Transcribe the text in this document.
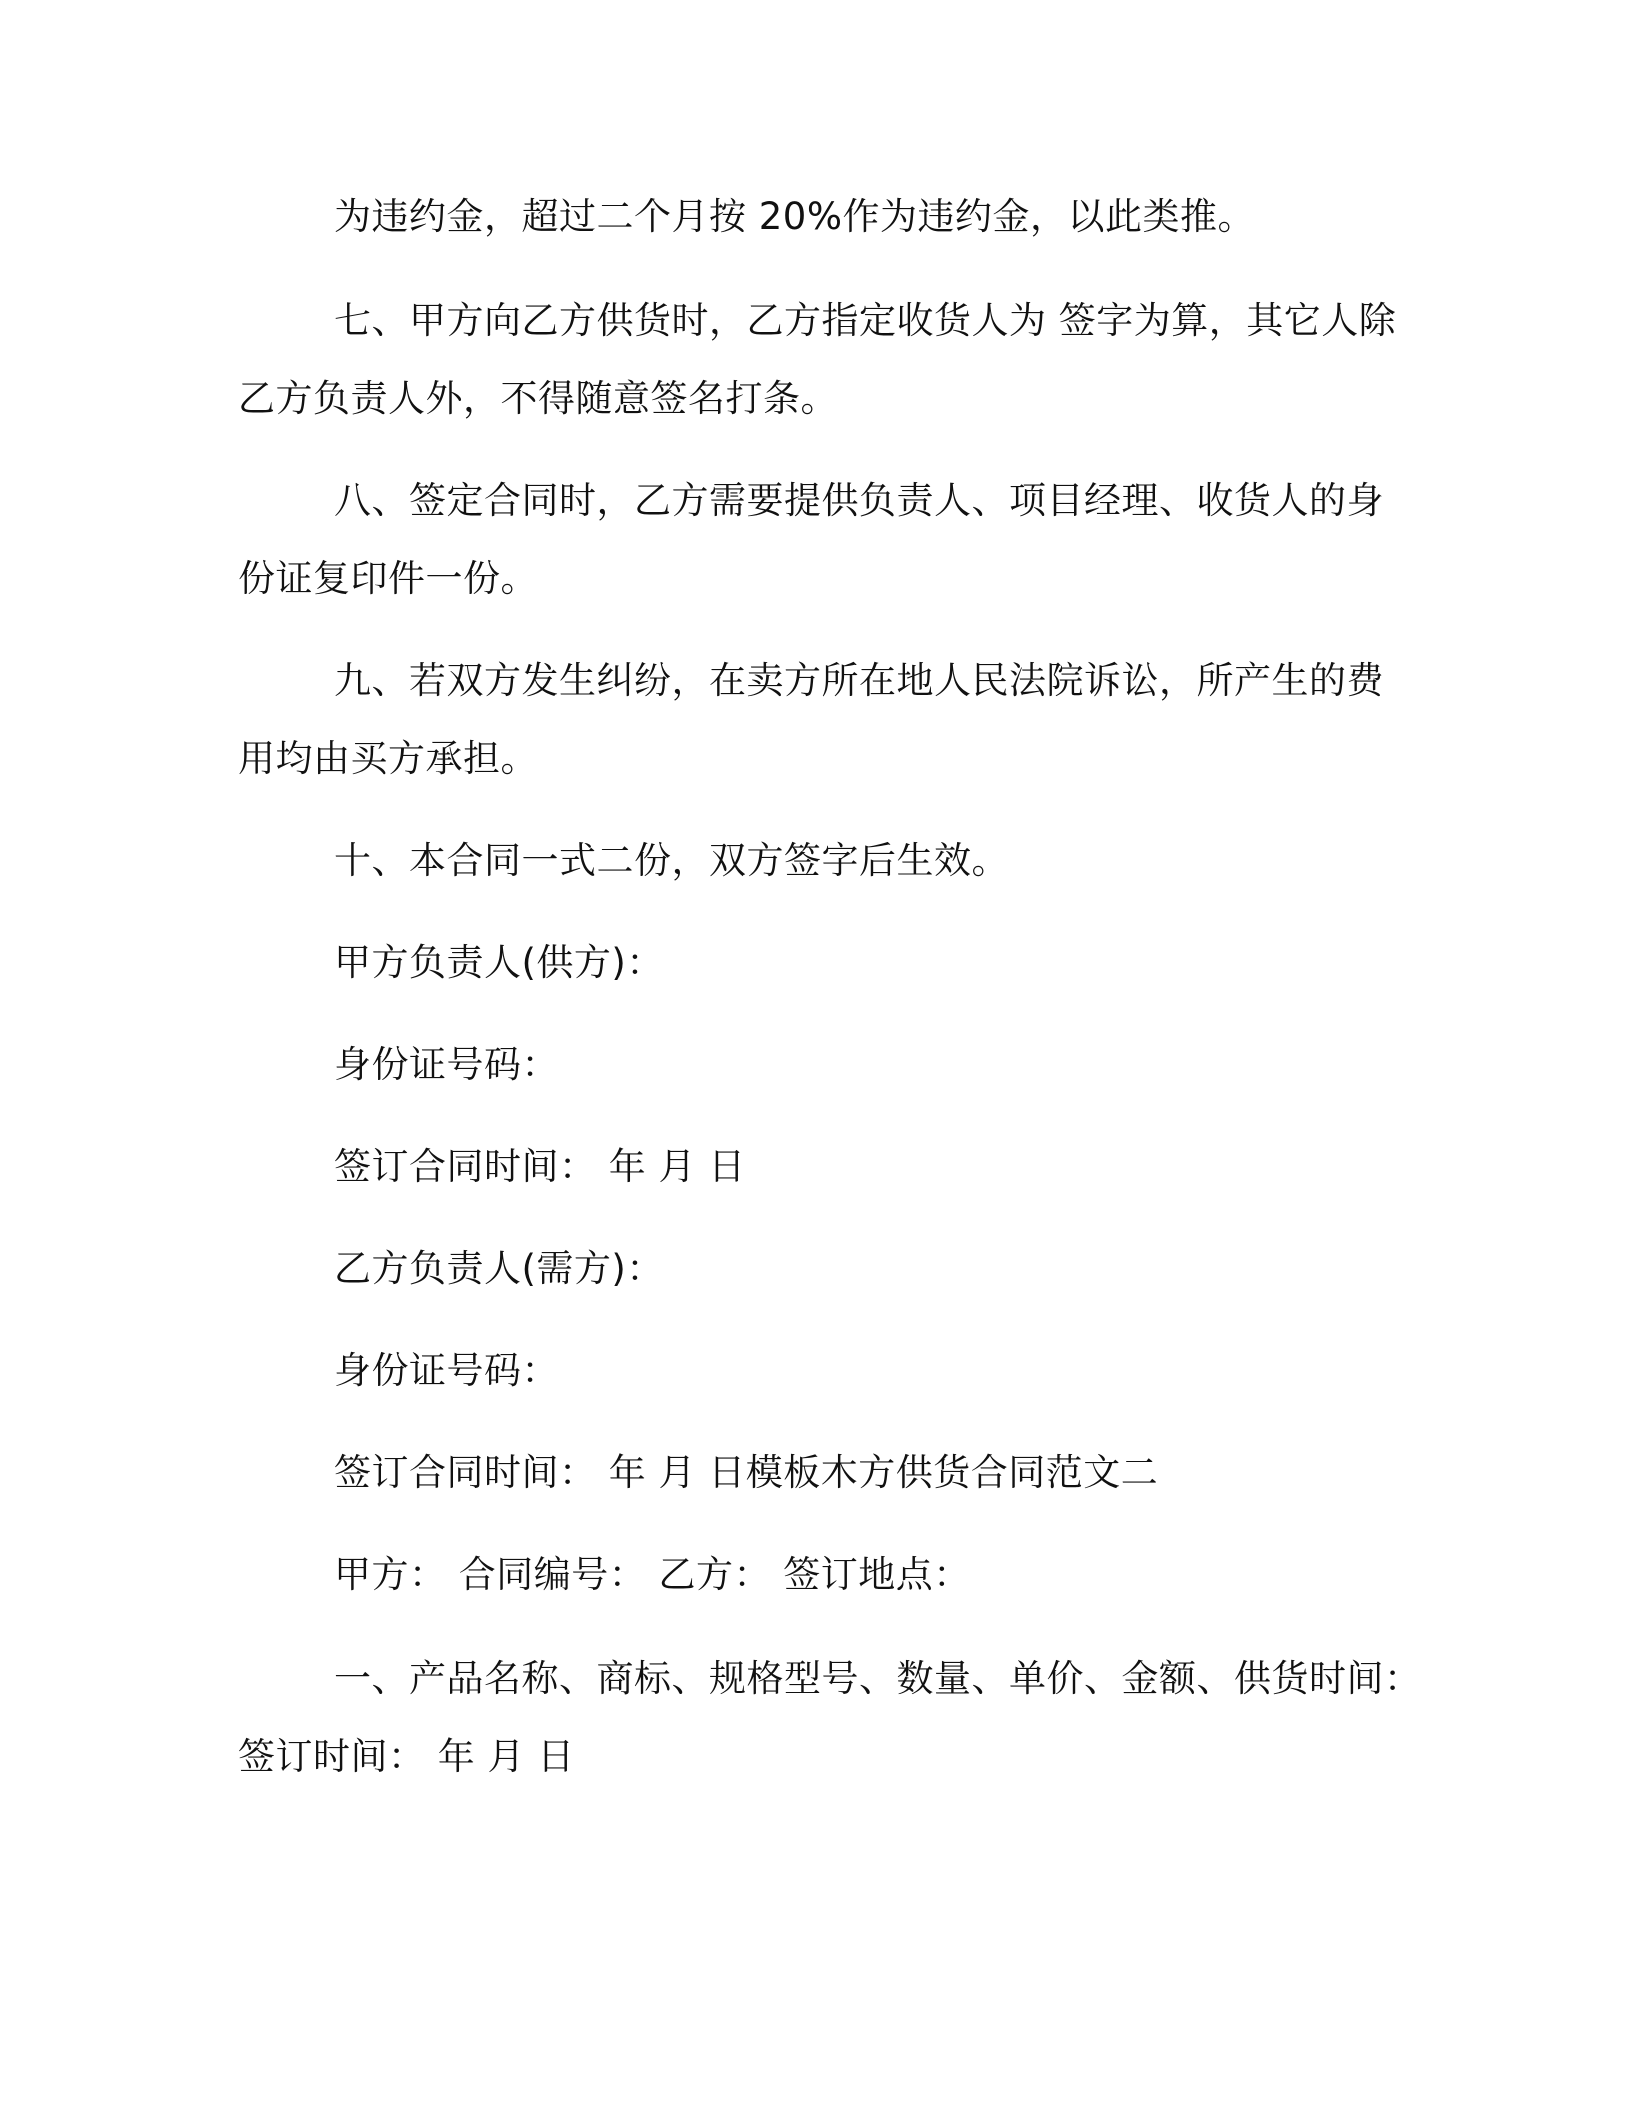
为违约金，超过二个月按 20%作为违约金，以此类推。
七、甲方向乙方供货时，乙方指定收货人为 签字为算，其它人除
乙方负责人外，不得随意签名打条。
八、签定合同时，乙方需要提供负责人、项目经理、收货人的身
份证复印件一份。
九、若双方发生纠纷，在卖方所在地人民法院诉讼，所产生的费
用均由买方承担。
十、本合同一式二份，双方签字后生效。
甲方负责人(供方)：
身份证号码：
签订合同时间： 年 月 日
乙方负责人(需方)：
身份证号码：
签订合同时间： 年 月 日模板木方供货合同范文二
甲方： 合同编号： 乙方： 签订地点：
一、产品名称、商标、规格型号、数量、单价、金额、供货时间：
签订时间： 年 月 日
